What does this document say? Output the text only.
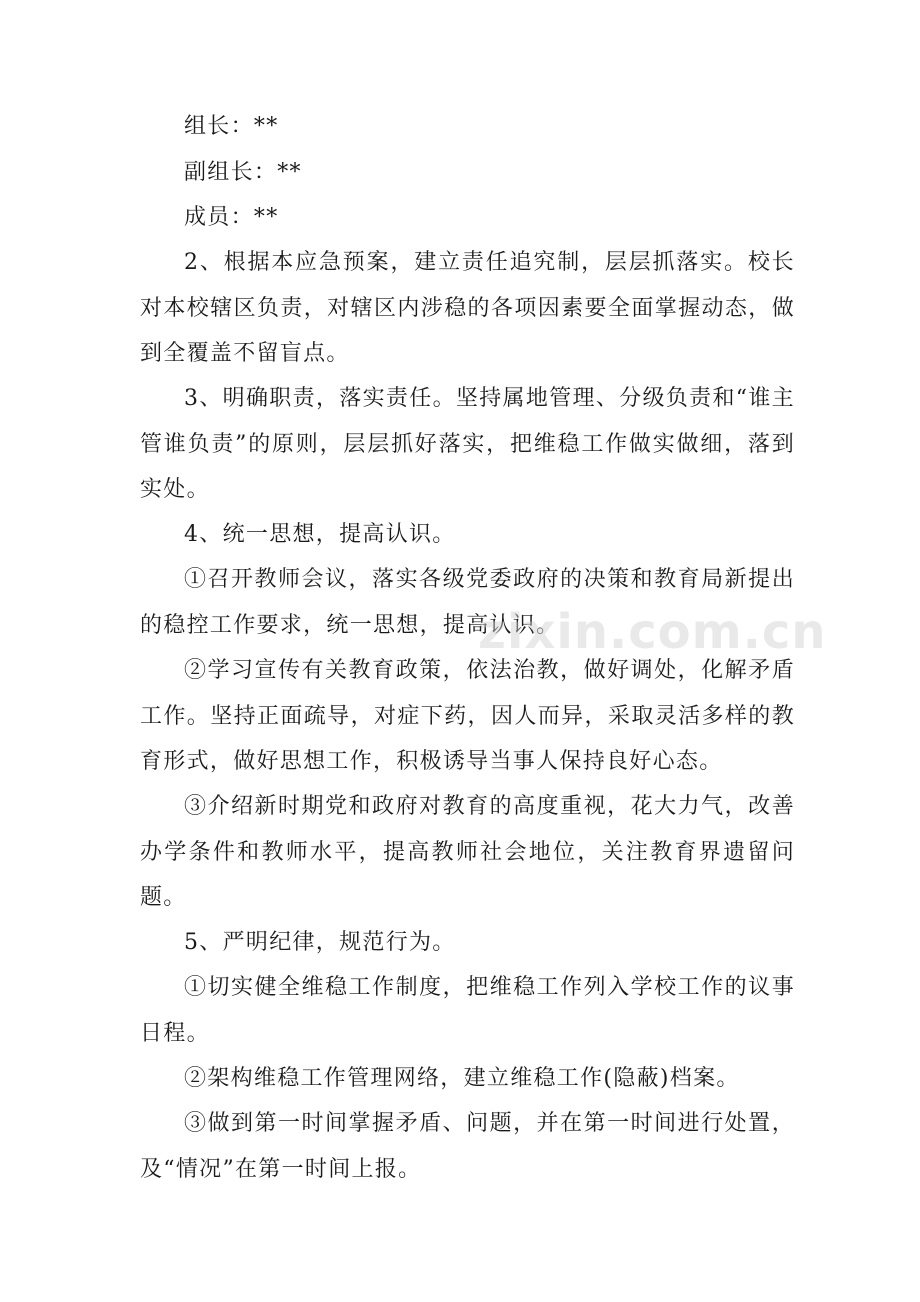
组长：**

副组长：**

成员：**

2、根据本应急预案，建立责任追究制，层层抓落实。校长对本校辖区负责，对辖区内涉稳的各项因素要全面掌握动态，做到全覆盖不留盲点。

3、明确职责，落实责任。坚持属地管理、分级负责和“谁主管谁负责”的原则，层层抓好落实，把维稳工作做实做细，落到实处。

4、统一思想，提高认识。

①召开教师会议，落实各级党委政府的决策和教育局新提出的稳控工作要求，统一思想，提高认识。

②学习宣传有关教育政策，依法治教，做好调处，化解矛盾工作。坚持正面疏导，对症下药，因人而异，采取灵活多样的教育形式，做好思想工作，积极诱导当事人保持良好心态。

③介绍新时期党和政府对教育的高度重视，花大力气，改善办学条件和教师水平，提高教师社会地位，关注教育界遗留问题。

5、严明纪律，规范行为。

①切实健全维稳工作制度，把维稳工作列入学校工作的议事日程。

②架构维稳工作管理网络，建立维稳工作(隐蔽)档案。

③做到第一时间掌握矛盾、问题，并在第一时间进行处置，及“情况”在第一时间上报。

zixin.com.cn
